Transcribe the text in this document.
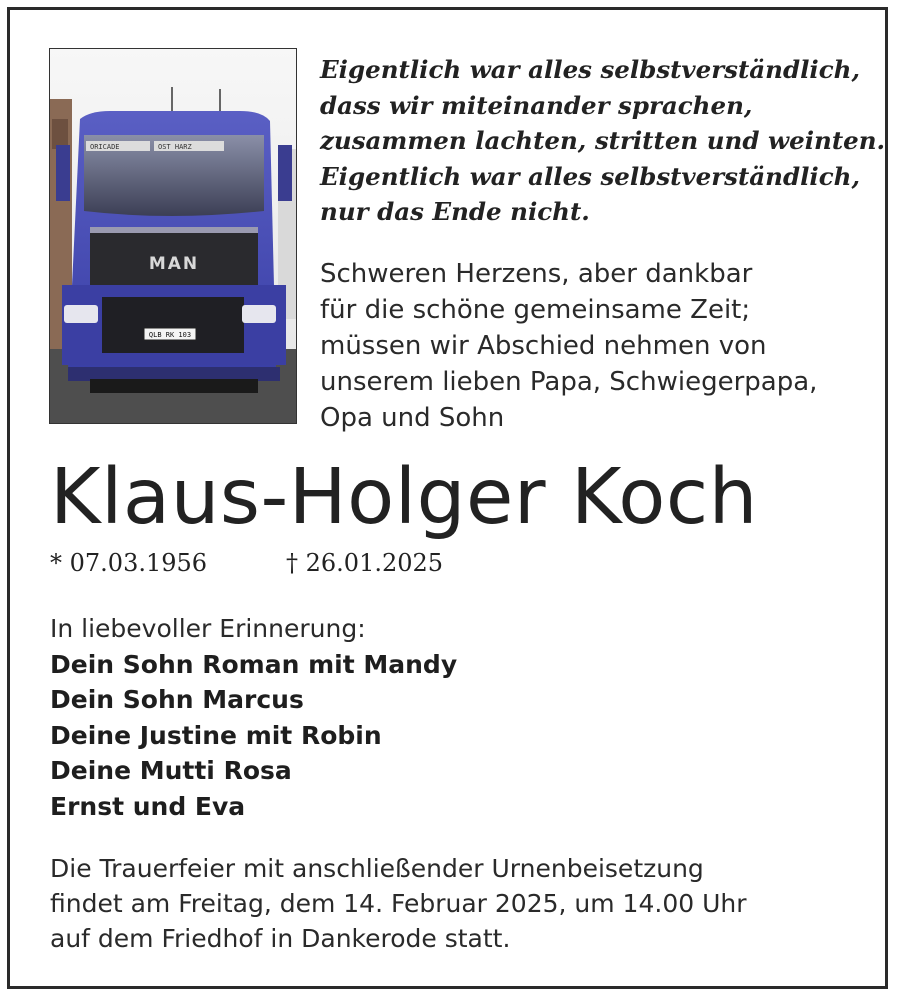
ORICADE	OST HARZ
MAN
QLB RK 103
Eigentlich war alles selbstverständlich,
dass wir miteinander sprachen,
zusammen lachten, stritten und weinten.
Eigentlich war alles selbstverständlich,
nur das Ende nicht.
Schweren Herzens, aber dankbar
für die schöne gemeinsame Zeit;
müssen wir Abschied nehmen von
unserem lieben Papa, Schwiegerpapa,
Opa und Sohn
Klaus-Holger Koch
* 07.03.1956	† 26.01.2025
In liebevoller Erinnerung:
Dein Sohn Roman mit Mandy
Dein Sohn Marcus
Deine Justine mit Robin
Deine Mutti Rosa
Ernst und Eva
Die Trauerfeier mit anschließender Urnenbeisetzung
findet am Freitag, dem 14. Februar 2025, um 14.00 Uhr
auf dem Friedhof in Dankerode statt.
